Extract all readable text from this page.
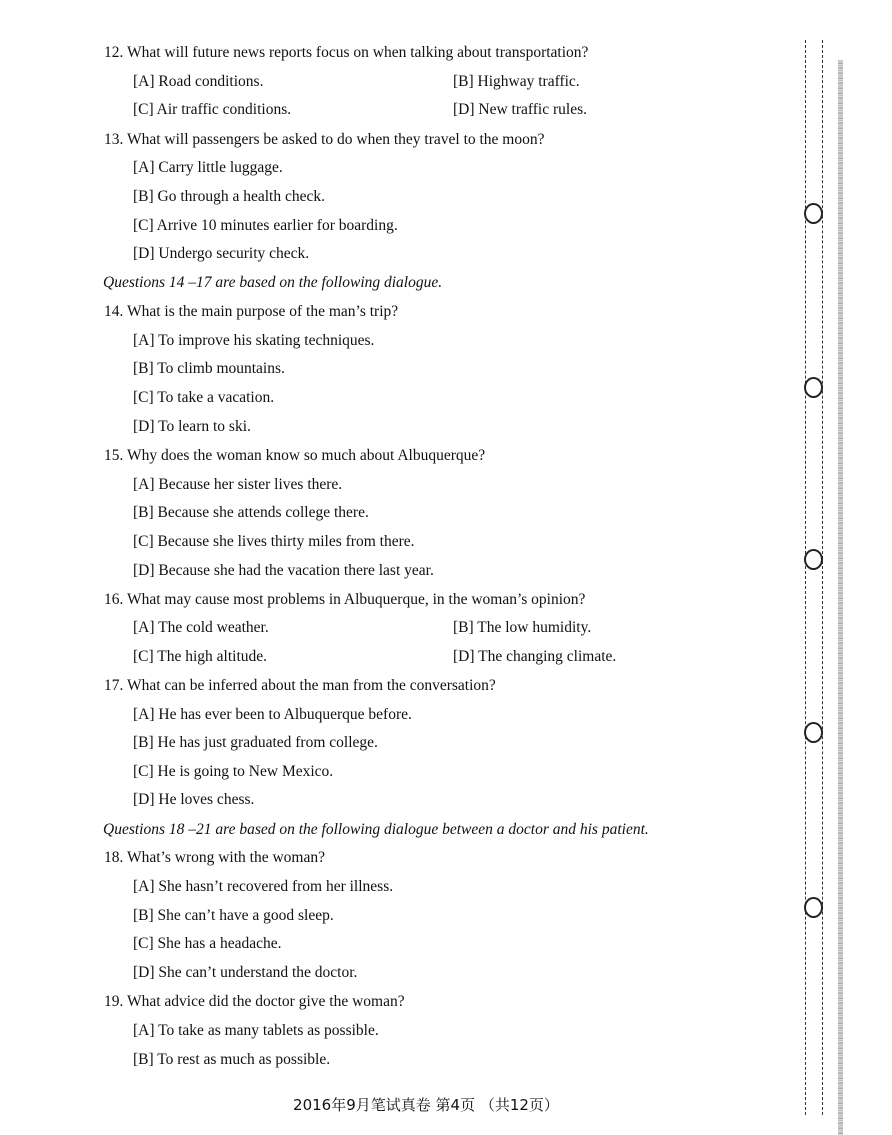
12. What will future news reports focus on when talking about transportation?
[A] Road conditions.	[B] Highway traffic.
[C] Air traffic conditions.	[D] New traffic rules.
13. What will passengers be asked to do when they travel to the moon?
[A] Carry little luggage.
[B] Go through a health check.
[C] Arrive 10 minutes earlier for boarding.
[D] Undergo security check.
Questions 14 –17 are based on the following dialogue.
14. What is the main purpose of the man’s trip?
[A] To improve his skating techniques.
[B] To climb mountains.
[C] To take a vacation.
[D] To learn to ski.
15. Why does the woman know so much about Albuquerque?
[A] Because her sister lives there.
[B] Because she attends college there.
[C] Because she lives thirty miles from there.
[D] Because she had the vacation there last year.
16. What may cause most problems in Albuquerque, in the woman’s opinion?
[A] The cold weather.	[B] The low humidity.
[C] The high altitude.	[D] The changing climate.
17. What can be inferred about the man from the conversation?
[A] He has ever been to Albuquerque before.
[B] He has just graduated from college.
[C] He is going to New Mexico.
[D] He loves chess.
Questions 18 –21 are based on the following dialogue between a doctor and his patient.
18. What’s wrong with the woman?
[A] She hasn’t recovered from her illness.
[B] She can’t have a good sleep.
[C] She has a headache.
[D] She can’t understand the doctor.
19. What advice did the doctor give the woman?
[A] To take as many tablets as possible.
[B] To rest as much as possible.
2016年9月笔试真卷 第4页 （共12页）
